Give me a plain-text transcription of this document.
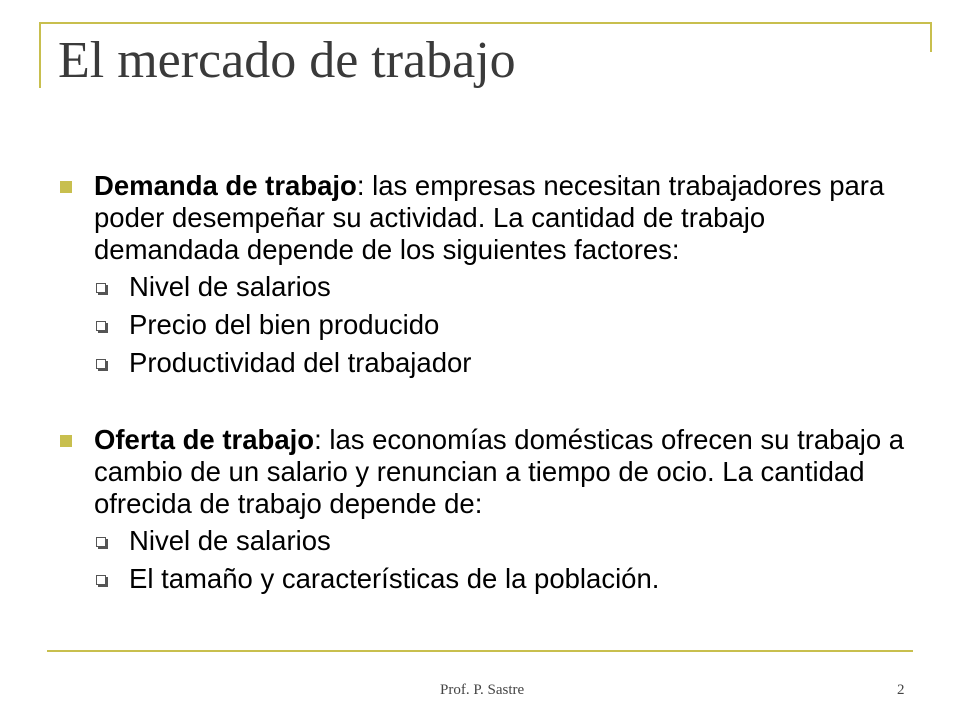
El mercado de trabajo
Demanda de trabajo: las empresas necesitan trabajadores para poder desempeñar su actividad. La cantidad de trabajo demandada depende de los siguientes factores:
Nivel de salarios
Precio del bien producido
Productividad del trabajador
Oferta de trabajo: las economías domésticas ofrecen su trabajo a cambio de un salario y renuncian a tiempo de ocio. La cantidad ofrecida de trabajo depende de:
Nivel de salarios
El tamaño y características de la población.
Prof. P. Sastre	2
